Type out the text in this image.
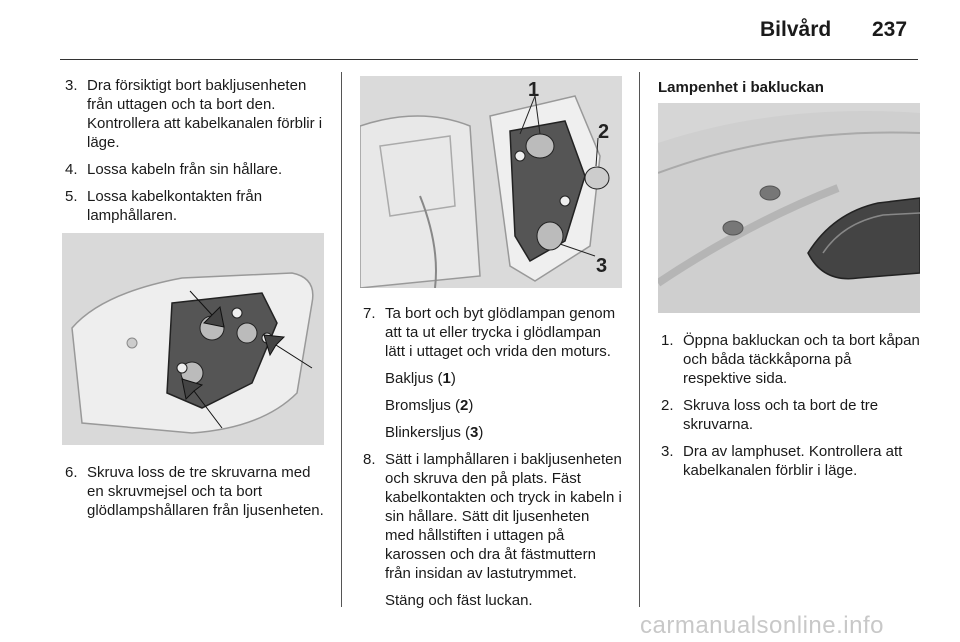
Bilvård 237
3. Dra försiktigt bort bakljusenheten från uttagen och ta bort den. Kontrollera att kabelkanalen förblir i läge.
4. Lossa kabeln från sin hållare.
5. Lossa kabelkontakten från lamphållaren.
6. Skruva loss de tre skruvarna med en skruvmejsel och ta bort glödlampshållaren från ljusenheten.
1
2
3
7. Ta bort och byt glödlampan genom att ta ut eller trycka i glödlampan lätt i uttaget och vrida den moturs.
Bakljus (1)
Bromsljus (2)
Blinkersljus (3)
8. Sätt i lamphållaren i bakljusenheten och skruva den på plats. Fäst kabelkontakten och tryck in kabeln i sin hållare. Sätt dit ljusenheten med hållstiften i uttagen på karossen och dra åt fästmuttern från insidan av lastutrymmet.
Stäng och fäst luckan.
Lampenhet i bakluckan
1. Öppna bakluckan och ta bort kåpan och båda täckkåporna på respektive sida.
2. Skruva loss och ta bort de tre skruvarna.
3. Dra av lamphuset. Kontrollera att kabelkanalen förblir i läge.
carmanualsonline.info
